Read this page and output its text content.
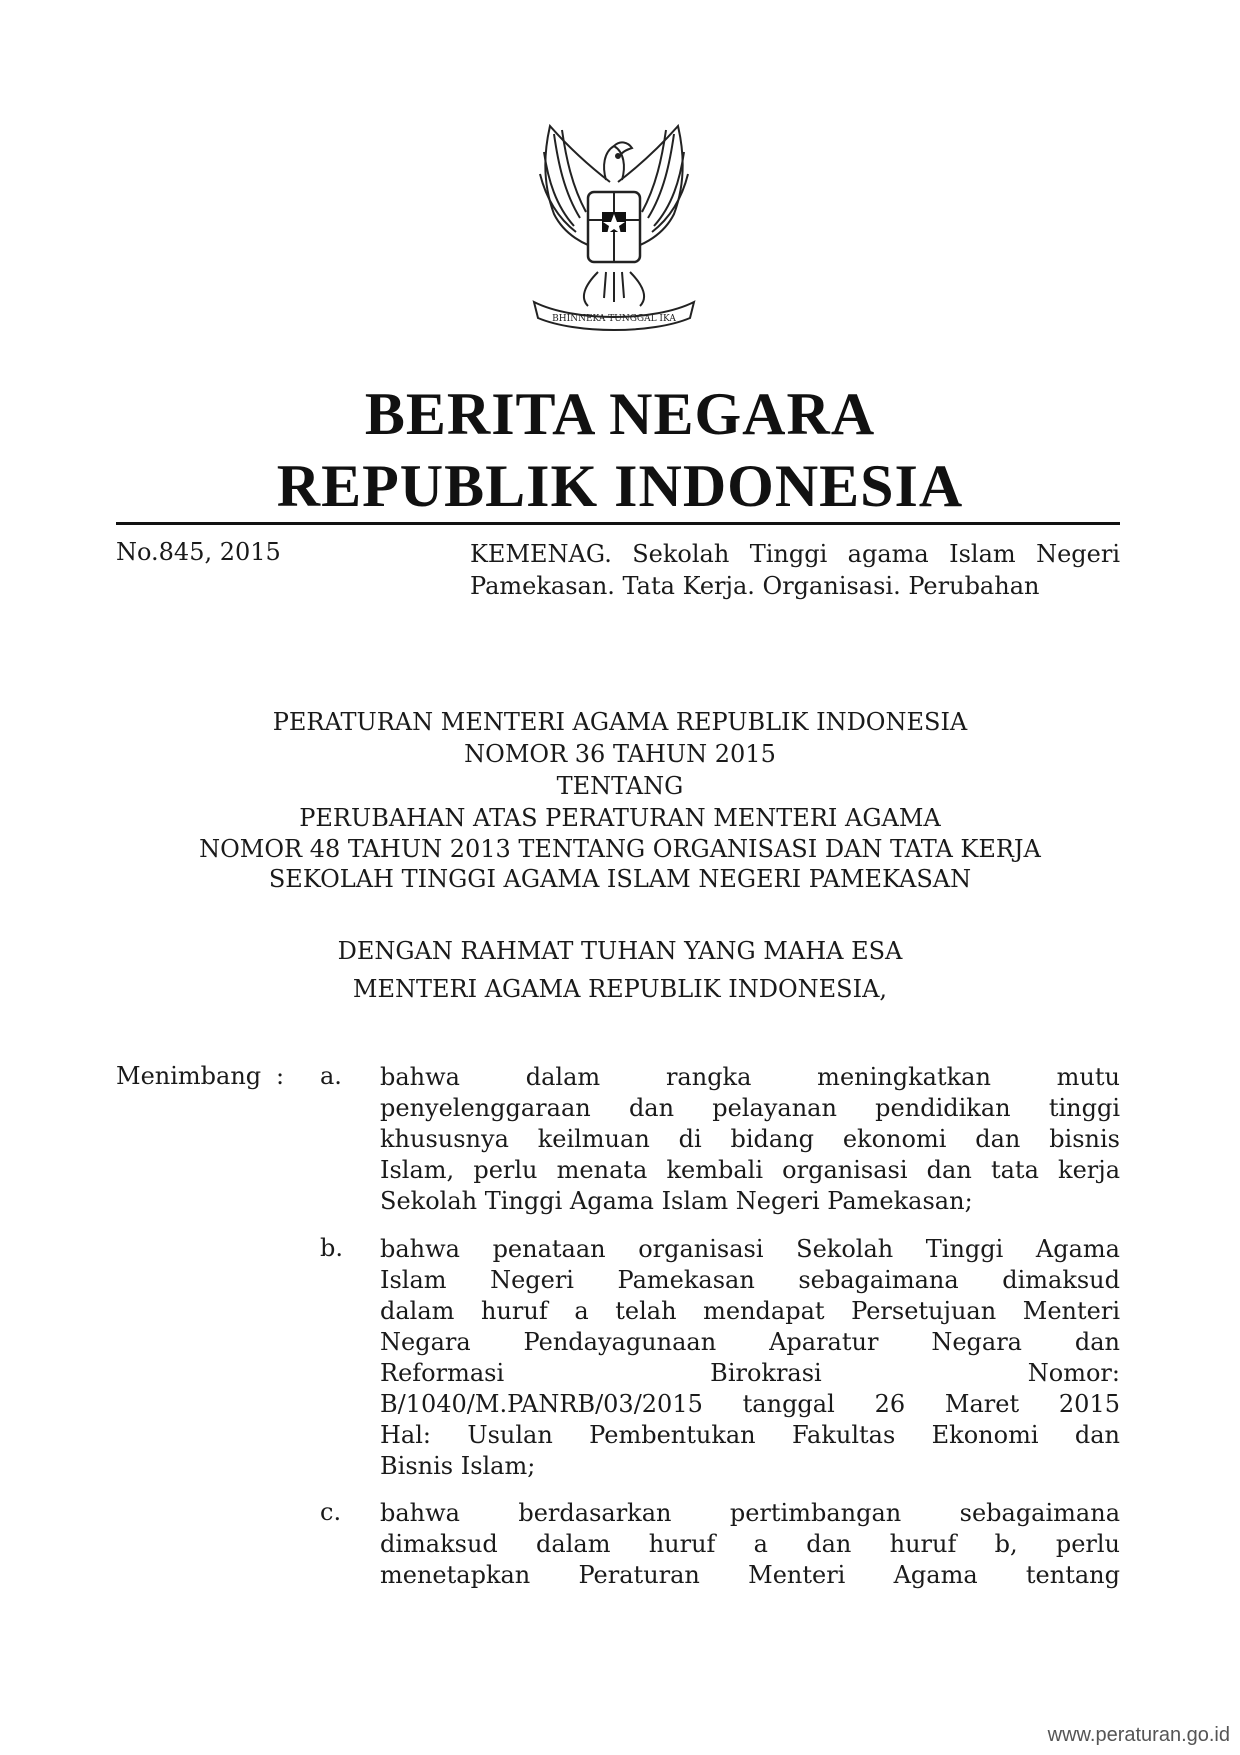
BHINNEKA TUNGGAL IKA
BERITA NEGARA
REPUBLIK INDONESIA
No.845, 2015	KEMENAG. Sekolah Tinggi agama Islam Negeri
Pamekasan. Tata Kerja. Organisasi. Perubahan
PERATURAN MENTERI AGAMA REPUBLIK INDONESIA
NOMOR 36 TAHUN 2015
TENTANG
PERUBAHAN ATAS PERATURAN MENTERI AGAMA
NOMOR 48 TAHUN 2013 TENTANG ORGANISASI DAN TATA KERJA
SEKOLAH TINGGI AGAMA ISLAM NEGERI PAMEKASAN
DENGAN RAHMAT TUHAN YANG MAHA ESA
MENTERI AGAMA REPUBLIK INDONESIA,
Menimbang : a. bahwa dalam rangka meningkatkan mutu
penyelenggaraan dan pelayanan pendidikan tinggi
khususnya keilmuan di bidang ekonomi dan bisnis
Islam, perlu menata kembali organisasi dan tata kerja
Sekolah Tinggi Agama Islam Negeri Pamekasan;
b. bahwa penataan organisasi Sekolah Tinggi Agama
Islam Negeri Pamekasan sebagaimana dimaksud
dalam huruf a telah mendapat Persetujuan Menteri
Negara Pendayagunaan Aparatur Negara dan
Reformasi Birokrasi Nomor:
B/1040/M.PANRB/03/2015 tanggal 26 Maret 2015
Hal: Usulan Pembentukan Fakultas Ekonomi dan
Bisnis Islam;
c. bahwa berdasarkan pertimbangan sebagaimana
dimaksud dalam huruf a dan huruf b, perlu
menetapkan Peraturan Menteri Agama tentang
www.peraturan.go.id
